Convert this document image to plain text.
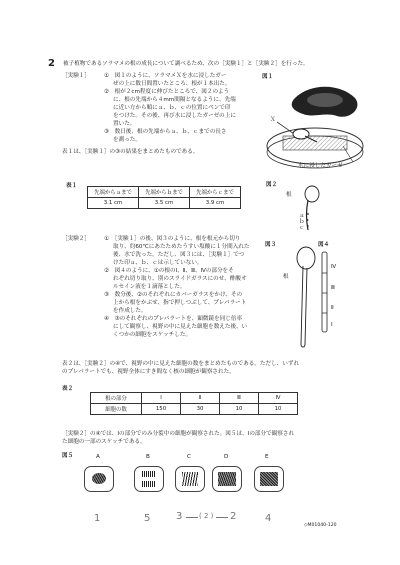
2 被子植物であるソラマメの根の成長について調べるため、次の［実験１］と［実験２］を行った。
［実験１］	①　図１のように、ソラマメＸを水に浸したガー
ぜの上に数日間置いたところ、根が１本出た。
②　根が２cm程度に伸びたところで、図２のよう
に、根の先端から４mm間隔となるように、先端
に近い方から順にａ、ｂ、ｃの位置にペンで印
をつけた。その後、再び水に浸したガーゼの上に
置いた。
③　数日後、根の先端からａ、ｂ、ｃまでの長さ
を測った。
表１は、［実験１］の③の結果をまとめたものである。
図１
Ｘ
水に浸したガーゼ
表１
先端からａまで	先端からｂまで	先端からｃまで
3.1 cm	3.5 cm	3.9 cm
図２
根
ａ
ｂ
ｃ
［実験２］	①　［実験１］の後、図３のように、根を根元から切り
取り、約60℃にあたためたうすい塩酸に１分間入れた
後、水で洗った。ただし、図３には、［実験１］でつ
けた印ａ、ｂ、ｃは示していない。
②　図４のように、①の根のⅠ、Ⅱ、Ⅲ、Ⅳの部分をそ
れぞれ切り取り、別のスライドガラスにのせ、酢酸オ
ルセイン液を１滴落とした。
③　数分後、②のそれぞれにカバーガラスをかけ、その
上から根をかぶせ、指で押しつぶして、プレパラート
を作成した。
④　③のそれぞれのプレパラートを、顕微鏡を同じ倍率
にして観察し、視野の中に見えた細胞を数えた後、い
くつかの細胞をスケッチした。
図３
根
図４
Ⅳ
Ⅲ
Ⅱ
Ⅰ
表２は、［実験２］の④で、視野の中に見えた細胞の数をまとめたものである。ただし、いずれ
のプレパラートでも、視野全体にすき間なく核の細胞が観察された。
表２
根の部分	Ⅰ	Ⅱ	Ⅲ	Ⅳ
細胞の数	150	30	10	10
［実験２］の④では、Ⅰの部分でのみ分裂中の細胞が観察された。図５は、Ⅰの部分で観察され
た細胞の一部のスケッチである。
図５	A	B	C	D	E
1	5	3 ( 2 ) 2	4
◇M01040-120
